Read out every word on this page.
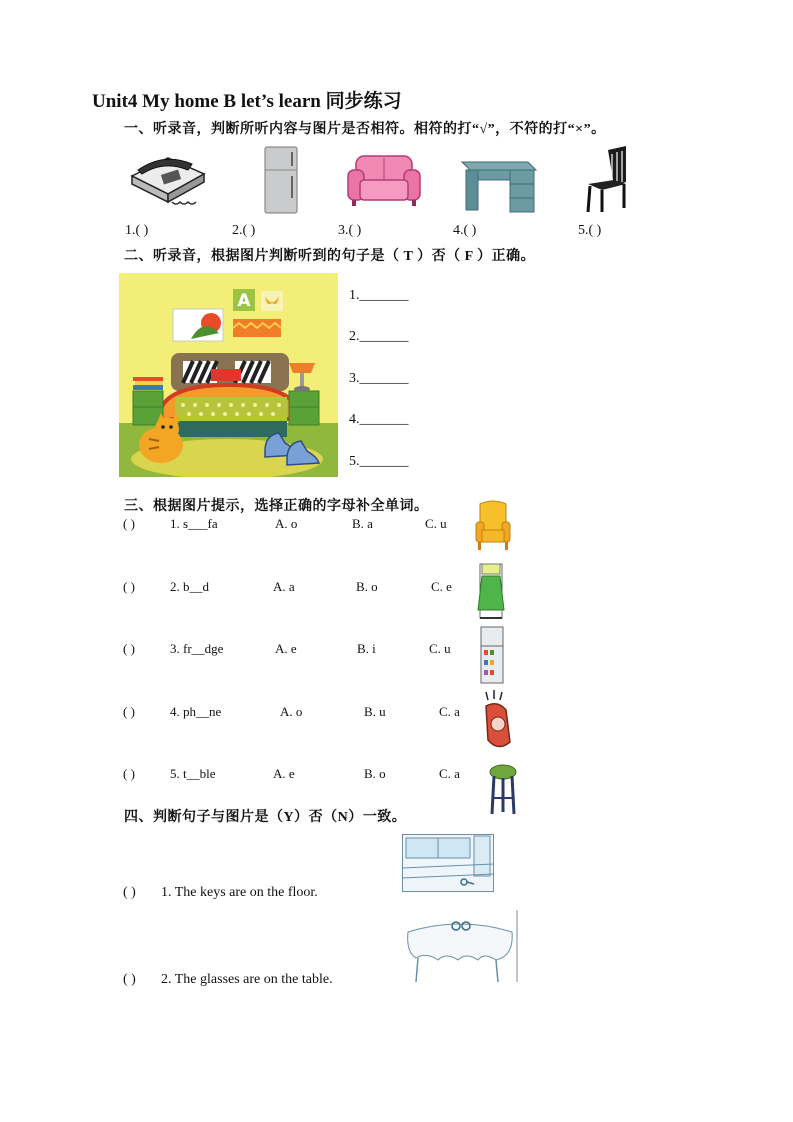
Unit4 My home B let’s learn 同步练习
一、听录音，判断所听内容与图片是否相符。相符的打“√”，不符的打“×”。
1.( )	2.( )	3.( )	4.( )	5.( )
二、听录音，根据图片判断听到的句子是（ T ）否（ F ）正确。
A	1._______
2._______
3._______
4._______
5._______
三、根据图片提示，选择正确的字母补全单词。
( )	1. s___fa	A. o	B. a	C. u
( )	2. b__d	A. a	B. o	C. e
( )	3. fr__dge	A. e	B. i	C. u
( )	4. ph__ne	A. o	B. u	C. a
( )	5. t__ble	A. e	B. o	C. a
四、判断句子与图片是（Y）否（N）一致。
( ) 1. The keys are on the floor.
( ) 2. The glasses are on the table.
